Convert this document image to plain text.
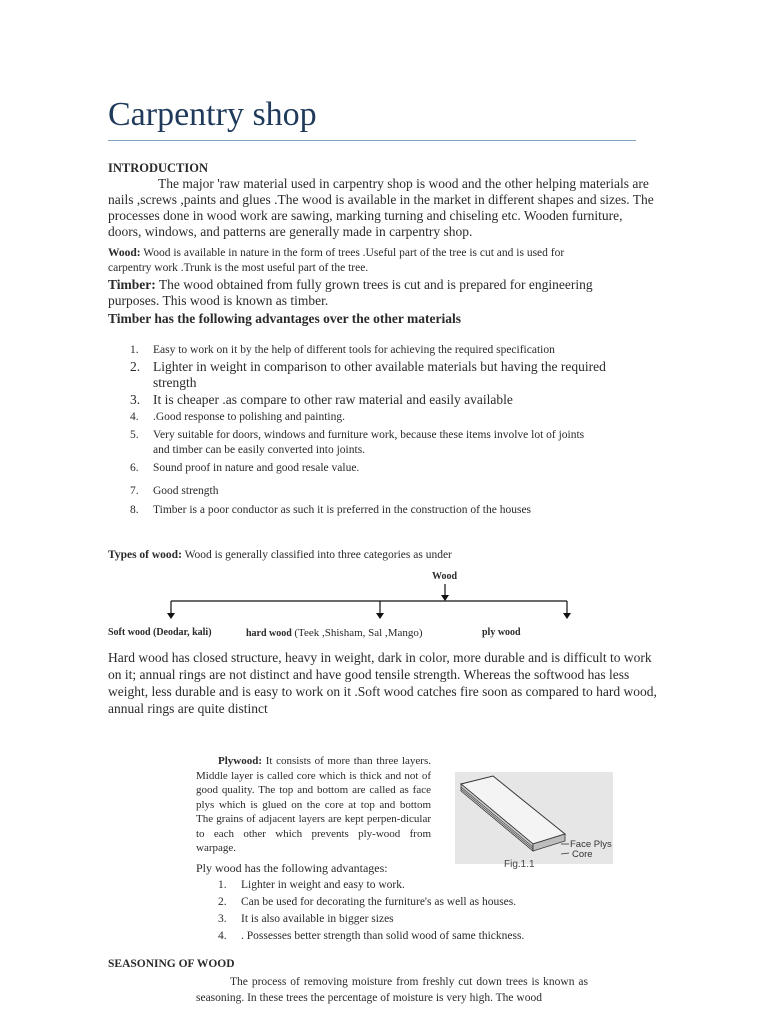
Carpentry shop
INTRODUCTION

The major 'raw material used in carpentry shop is wood and the other helping materials are nails ,screws ,paints and glues .The wood is available in the market in different shapes and sizes. The processes done in wood work are sawing, marking turning and chiseling etc. Wooden furniture, doors, windows, and patterns are generally made in carpentry shop.

Wood: Wood is available in nature in the form of trees .Useful part of the tree is cut and is used for carpentry work .Trunk is the most useful part of the tree.

Timber: The wood obtained from fully grown trees is cut and is prepared for engineering purposes. This wood is known as timber.

Timber has the following advantages over the other materials
1. Easy to work on it by the help of different tools for achieving the required specification
2. Lighter in weight in comparison to other available materials but having the required strength
3. It is cheaper .as compare to other raw material and easily available
4. .Good response to polishing and painting.
5. Very suitable for doors, windows and furniture work, because these items involve lot of joints and timber can be easily converted into joints.
6. Sound proof in nature and good resale value.
7. Good strength
8. Timber is a poor conductor as such it is preferred in the construction of the houses
Types of wood: Wood is generally classified into three categories as under
Wood
Soft wood (Deodar, kali)	hard wood (Teek ,Shisham, Sal ,Mango)	ply wood

Hard wood has closed structure, heavy in weight, dark in color, more durable and is difficult to work on it; annual rings are not distinct and have good tensile strength. Whereas the softwood has less weight, less durable and is easy to work on it .Soft wood catches fire soon as compared to hard wood, annual rings are quite distinct

Plywood: It consists of more than three layers. Middle layer is called core which is thick and not of good quality. The top and bottom are called as face plys which is glued on the core at top and bottom The grains of adjacent layers are kept perpen-dicular to each other which prevents ply-wood from warpage.	Face Plys
Core
Fig.1.1
Ply wood has the following advantages:
1. Lighter in weight and easy to work.
2. Can be used for decorating the furniture's as well as houses.
3. It is also available in bigger sizes
4. . Possesses better strength than solid wood of same thickness.
SEASONING OF WOOD

The process of removing moisture from freshly cut down trees is known as seasoning. In these trees the percentage of moisture is very high. The wood
